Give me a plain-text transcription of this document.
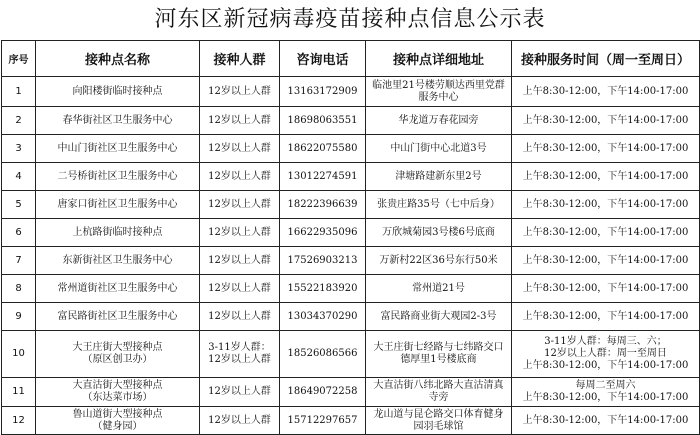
河东区新冠病毒疫苗接种点信息公示表
序号	接种点名称	接种人群	咨询电话	接种点详细地址	接种服务时间（周一至周日）
1	向阳楼街临时接种点	12岁以上人群	13163172909	临池里21号楼劳顺达西里党群
服务中心	上午8:30-12:00，下午14:00-17:00

2	春华街社区卫生服务中心	12岁以上人群	18698063551	华龙道万春花园旁	上午8:30-12:00，下午14:00-17:00

3	中山门街社区卫生服务中心	12岁以上人群	18622075580	中山门街中心北道3号	上午8:30-12:00，下午14:00-17:00

4	二号桥街社区卫生服务中心	12岁以上人群	13012274591	津塘路建新东里2号	上午8:30-12:00，下午14:00-17:00

5	唐家口街社区卫生服务中心	12岁以上人群	18222396639	张贵庄路35号（七中后身）	上午8:30-12:00，下午14:00-17:00

6	上杭路街临时接种点	12岁以上人群	16622935096	万欣城菊园3号楼6号底商	上午8:30-12:00，下午14:00-17:00

7	东新街社区卫生服务中心	12岁以上人群	17526903213	万新村22区36号东行50米	上午8:30-12:00，下午14:00-17:00

8	常州道街社区卫生服务中心	12岁以上人群	15522183920	常州道21号	上午8:30-12:00，下午14:00-17:00

9	富民路街社区卫生服务中心	12岁以上人群	13034370290	富民路商业街大观园2-3号	上午8:30-12:00，下午14:00-17:00

10	大王庄街大型接种点
（原区创卫办）	3-11岁人群：
12岁以上人群	18526086566	大王庄街七经路与七纬路交口
德厚里1号楼底商	3-11岁人群：每周三、六；
12岁以上人群：周一至周日
上午8:30-12:00，下午14:00-17:00

11	大直沽街大型接种点
（东达菜市场）	12岁以上人群	18649072258	大直沽街八纬北路大直沽清真
寺旁	每周二至周六
上午8:30-12:00，下午14:00-17:00

12	鲁山道街大型接种点
（健身园）	12岁以上人群	15712297657	龙山道与昆仑路交口体育健身
园羽毛球馆	上午8:30-12:00，下午14:00-17:00
